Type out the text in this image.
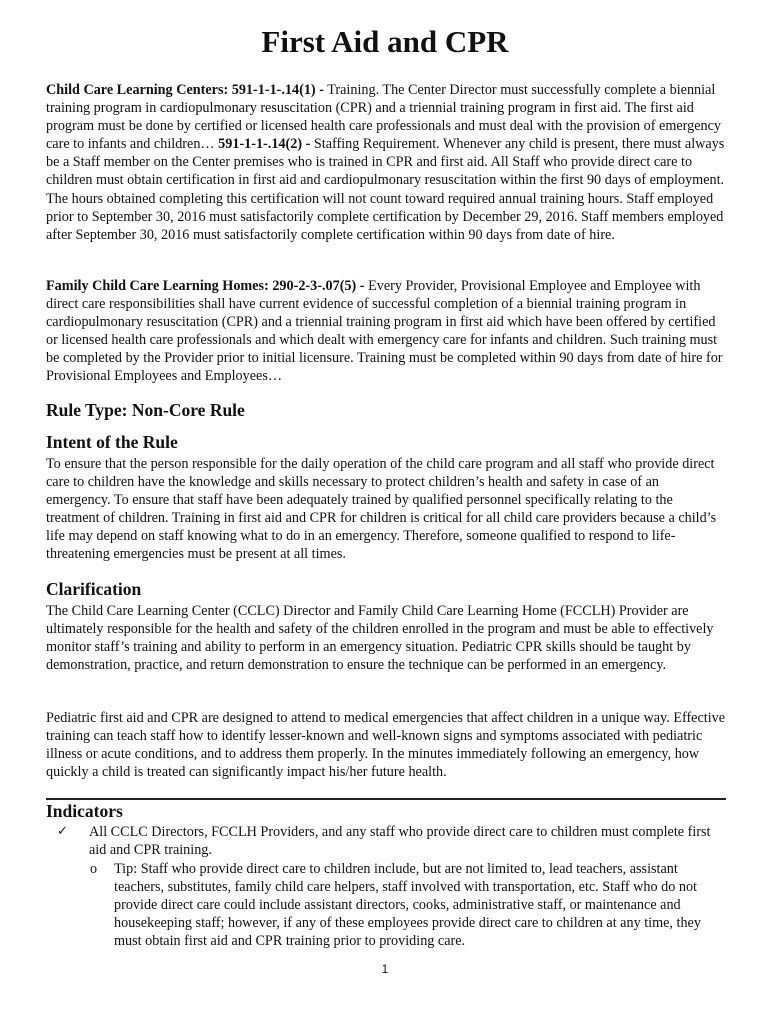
First Aid and CPR

Child Care Learning Centers: 591-1-1-.14(1) - Training. The Center Director must successfully complete a biennial training program in cardiopulmonary resuscitation (CPR) and a triennial training program in first aid. The first aid program must be done by certified or licensed health care professionals and must deal with the provision of emergency care to infants and children… 591-1-1-.14(2) - Staffing Requirement. Whenever any child is present, there must always be a Staff member on the Center premises who is trained in CPR and first aid. All Staff who provide direct care to children must obtain certification in first aid and cardiopulmonary resuscitation within the first 90 days of employment. The hours obtained completing this certification will not count toward required annual training hours. Staff employed prior to September 30, 2016 must satisfactorily complete certification by December 29, 2016. Staff members employed after September 30, 2016 must satisfactorily complete certification within 90 days from date of hire.

Family Child Care Learning Homes: 290-2-3-.07(5) - Every Provider, Provisional Employee and Employee with direct care responsibilities shall have current evidence of successful completion of a biennial training program in cardiopulmonary resuscitation (CPR) and a triennial training program in first aid which have been offered by certified or licensed health care professionals and which dealt with emergency care for infants and children. Such training must be completed by the Provider prior to initial licensure. Training must be completed within 90 days from date of hire for Provisional Employees and Employees…

Rule Type: Non-Core Rule
Intent of the Rule

To ensure that the person responsible for the daily operation of the child care program and all staff who provide direct care to children have the knowledge and skills necessary to protect children’s health and safety in case of an emergency. To ensure that staff have been adequately trained by qualified personnel specifically relating to the treatment of children. Training in first aid and CPR for children is critical for all child care providers because a child’s life may depend on staff knowing what to do in an emergency. Therefore, someone qualified to respond to life-threatening emergencies must be present at all times.

Clarification

The Child Care Learning Center (CCLC) Director and Family Child Care Learning Home (FCCLH) Provider are ultimately responsible for the health and safety of the children enrolled in the program and must be able to effectively monitor staff’s training and ability to perform in an emergency situation. Pediatric CPR skills should be taught by demonstration, practice, and return demonstration to ensure the technique can be performed in an emergency.

Pediatric first aid and CPR are designed to attend to medical emergencies that affect children in a unique way. Effective training can teach staff how to identify lesser-known and well-known signs and symptoms associated with pediatric illness or acute conditions, and to address them properly. In the minutes immediately following an emergency, how quickly a child is treated can significantly impact his/her future health.

Indicators
✓	All CCLC Directors, FCCLH Providers, and any staff who provide direct care to children must complete first aid and CPR training.
o	Tip: Staff who provide direct care to children include, but are not limited to, lead teachers, assistant teachers, substitutes, family child care helpers, staff involved with transportation, etc. Staff who do not provide direct care could include assistant directors, cooks, administrative staff, or maintenance and housekeeping staff; however, if any of these employees provide direct care to children at any time, they must obtain first aid and CPR training prior to providing care.
1
